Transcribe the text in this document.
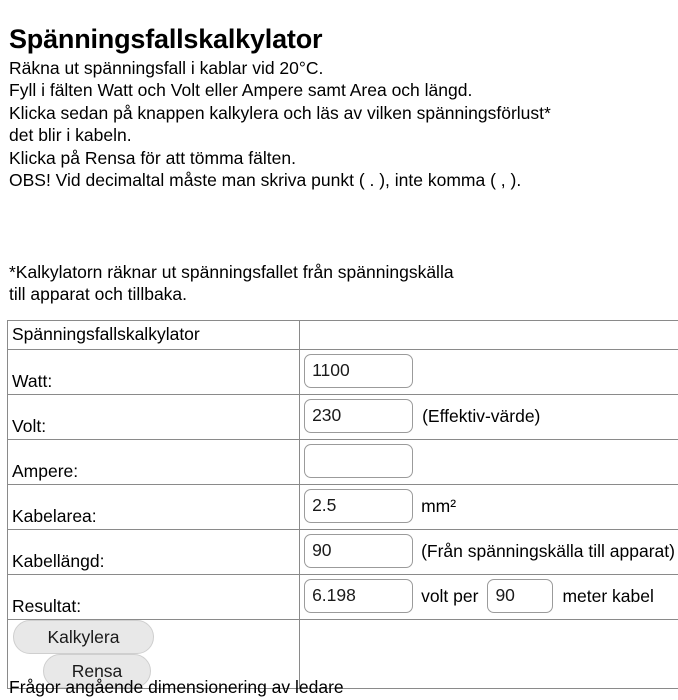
Spänningsfallskalkylator
Räkna ut spänningsfall i kablar vid 20°C.
Fyll i fälten Watt och Volt eller Ampere samt Area och längd.
Klicka sedan på knappen kalkylera och läs av vilken spänningsförlust* det blir i kabeln.
Klicka på Rensa för att tömma fälten.
OBS! Vid decimaltal måste man skriva punkt ( . ), inte komma ( , ).
*Kalkylatorn räknar ut spänningsfallet från spänningskälla
till apparat och tillbaka.
Spänningsfallskalkylator	

Watt:

1100

Volt:

230
(Effektiv-värde)

Ampere:

Kabelarea:

2.5
mm²

Kabellängd:

90
(Från spänningskälla till apparat)

Resultat:

6.198
volt per
90 meter kabel

Kalkylera Rensa	
Frågor angående dimensionering av ledare
